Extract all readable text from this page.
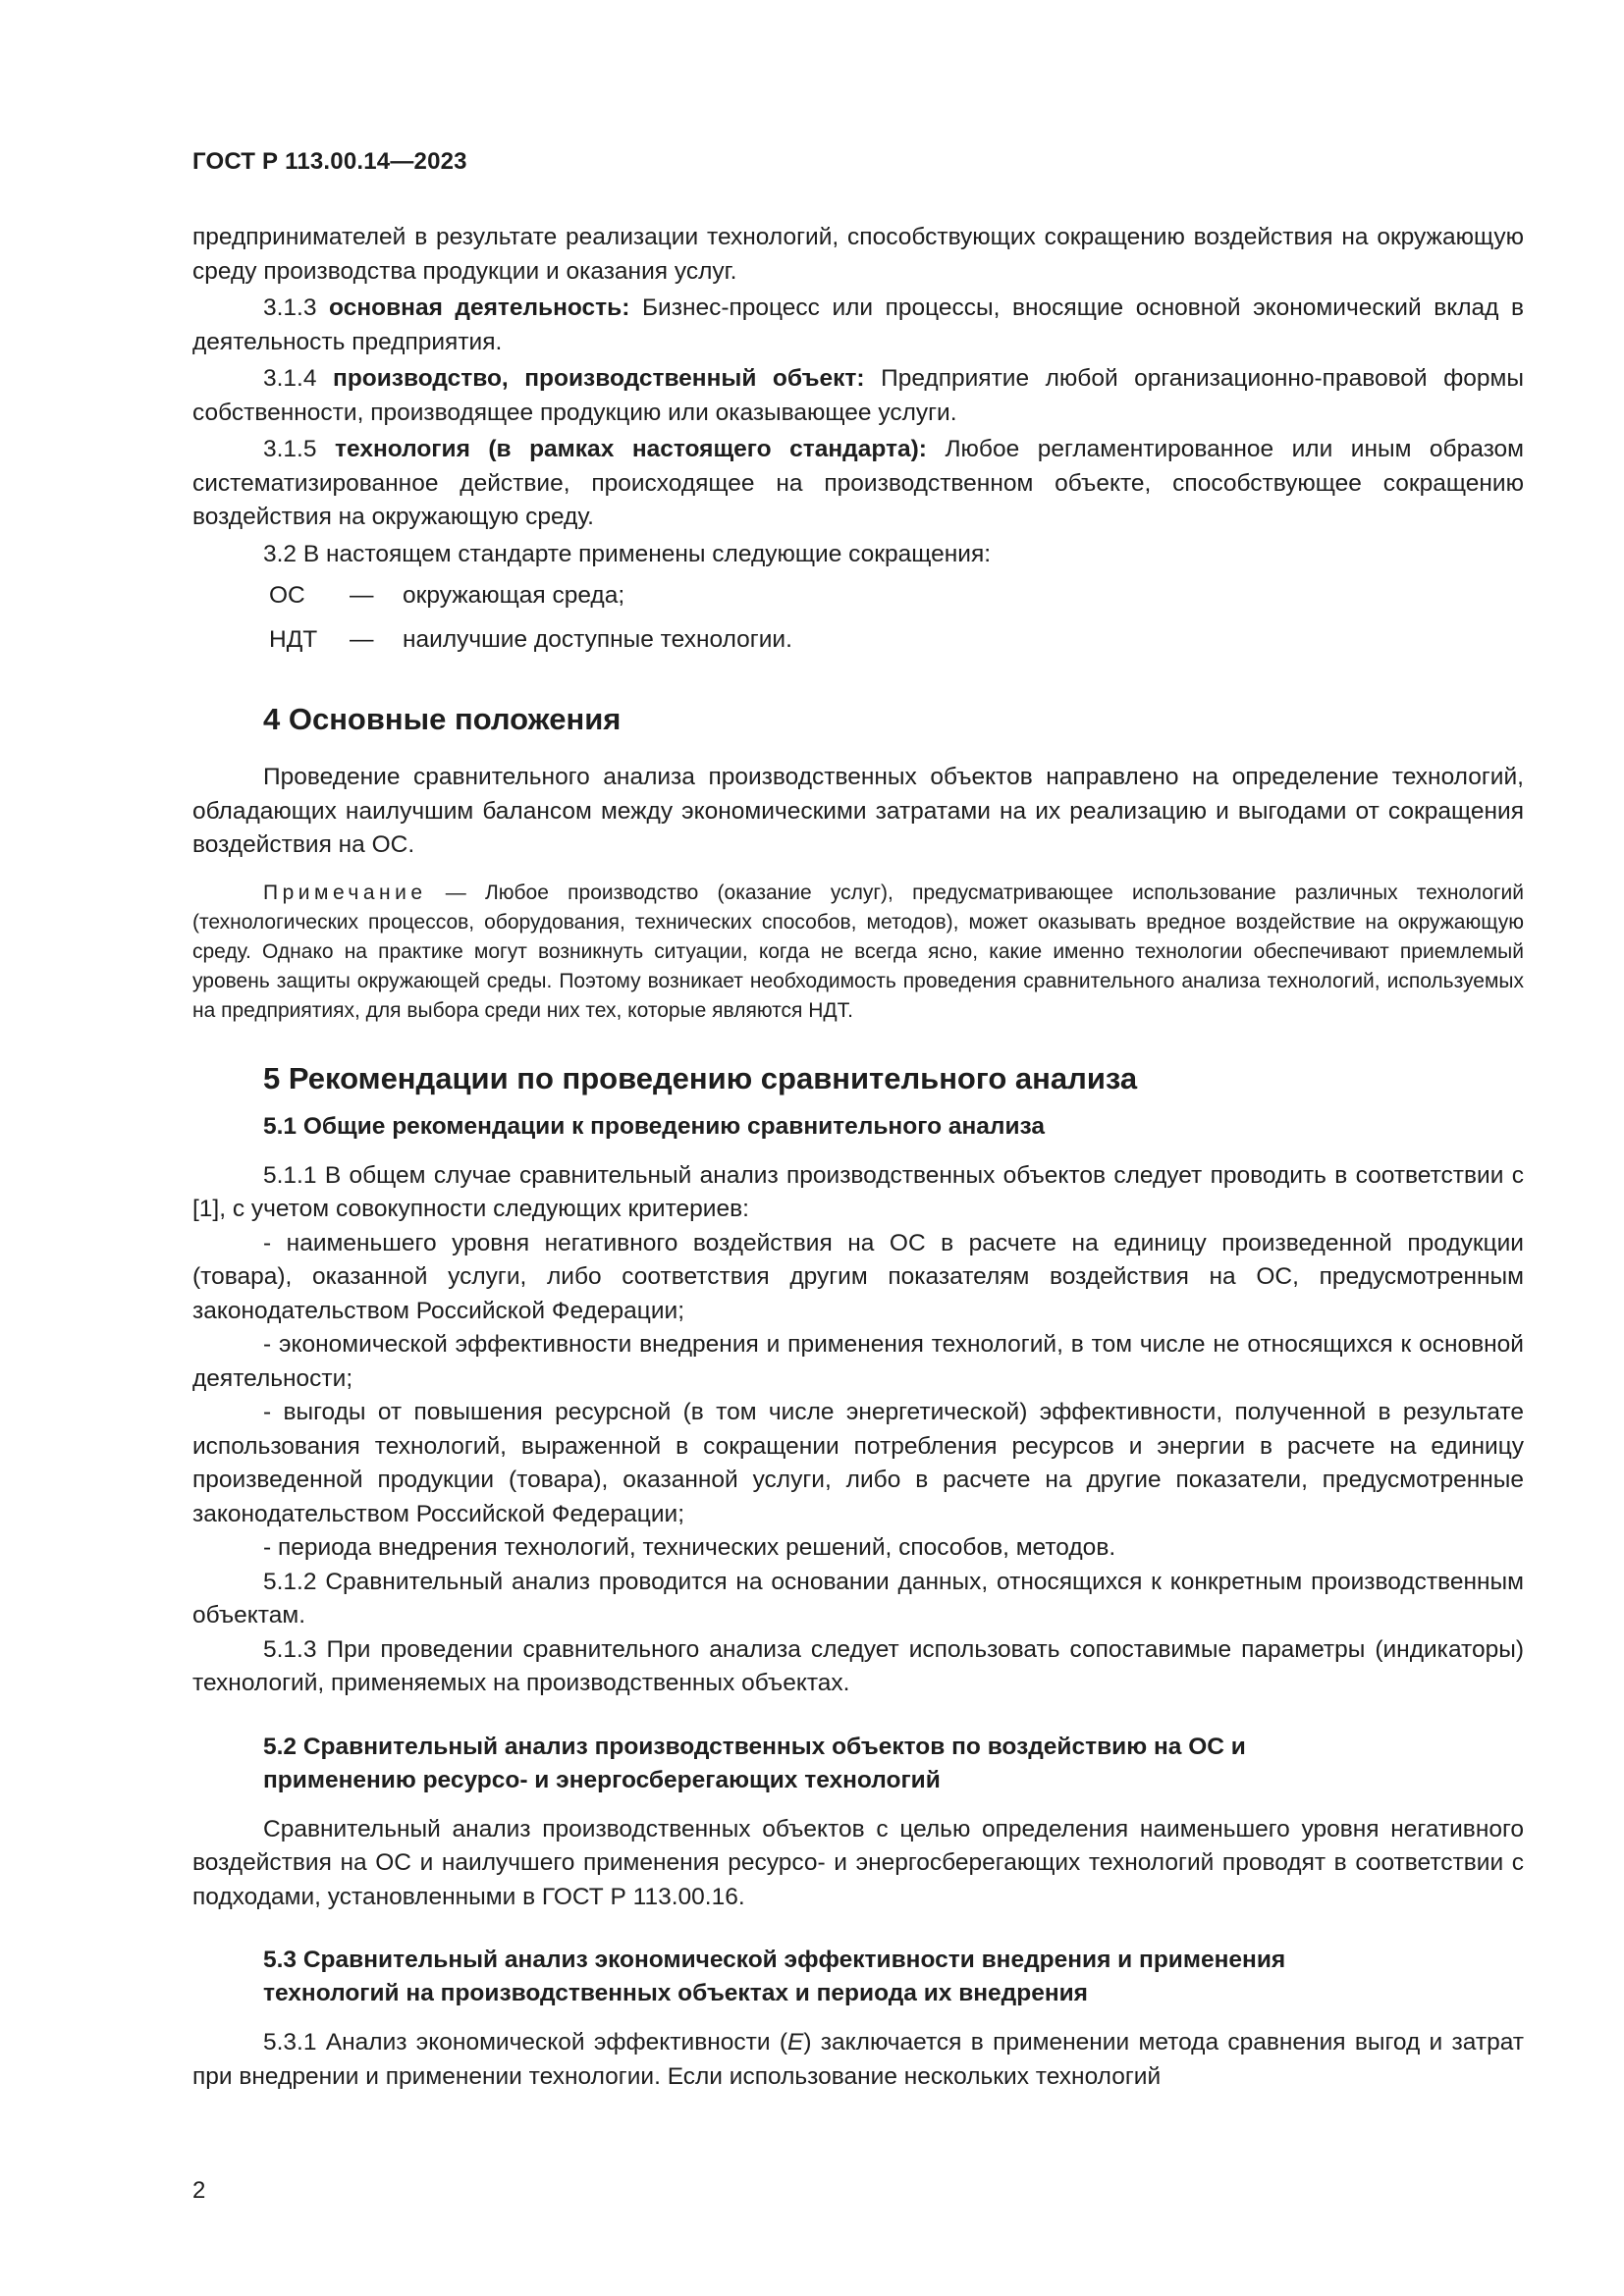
ГОСТ Р 113.00.14—2023

предпринимателей в результате реализации технологий, способствующих сокращению воздействия на окружающую среду производства продукции и оказания услуг.

3.1.3 основная деятельность: Бизнес-процесс или процессы, вносящие основной экономический вклад в деятельность предприятия.

3.1.4 производство, производственный объект: Предприятие любой организационно-правовой формы собственности, производящее продукцию или оказывающее услуги.

3.1.5 технология (в рамках настоящего стандарта): Любое регламентированное или иным образом систематизированное действие, происходящее на производственном объекте, способствующее сокращению воздействия на окружающую среду.

3.2 В настоящем стандарте применены следующие сокращения:

ОС	—	окружающая среда;
НДТ	—	наилучшие доступные технологии.
4 Основные положения

Проведение сравнительного анализа производственных объектов направлено на определение технологий, обладающих наилучшим балансом между экономическими затратами на их реализацию и выгодами от сокращения воздействия на ОС.

Примечание — Любое производство (оказание услуг), предусматривающее использование различных технологий (технологических процессов, оборудования, технических способов, методов), может оказывать вредное воздействие на окружающую среду. Однако на практике могут возникнуть ситуации, когда не всегда ясно, какие именно технологии обеспечивают приемлемый уровень защиты окружающей среды. Поэтому возникает необходимость проведения сравнительного анализа технологий, используемых на предприятиях, для выбора среди них тех, которые являются НДТ.

5 Рекомендации по проведению сравнительного анализа
5.1 Общие рекомендации к проведению сравнительного анализа

5.1.1 В общем случае сравнительный анализ производственных объектов следует проводить в соответствии с [1], с учетом совокупности следующих критериев:

- наименьшего уровня негативного воздействия на ОС в расчете на единицу произведенной продукции (товара), оказанной услуги, либо соответствия другим показателям воздействия на ОС, предусмотренным законодательством Российской Федерации;

- экономической эффективности внедрения и применения технологий, в том числе не относящихся к основной деятельности;

- выгоды от повышения ресурсной (в том числе энергетической) эффективности, полученной в результате использования технологий, выраженной в сокращении потребления ресурсов и энергии в расчете на единицу произведенной продукции (товара), оказанной услуги, либо в расчете на другие показатели, предусмотренные законодательством Российской Федерации;

- периода внедрения технологий, технических решений, способов, методов.

5.1.2 Сравнительный анализ проводится на основании данных, относящихся к конкретным производственным объектам.

5.1.3 При проведении сравнительного анализа следует использовать сопоставимые параметры (индикаторы) технологий, применяемых на производственных объектах.

5.2 Сравнительный анализ производственных объектов по воздействию на ОС и
применению ресурсо- и энергосберегающих технологий

Сравнительный анализ производственных объектов с целью определения наименьшего уровня негативного воздействия на ОС и наилучшего применения ресурсо- и энергосберегающих технологий проводят в соответствии с подходами, установленными в ГОСТ Р 113.00.16.

5.3 Сравнительный анализ экономической эффективности внедрения и применения
технологий на производственных объектах и периода их внедрения

5.3.1 Анализ экономической эффективности (E) заключается в применении метода сравнения выгод и затрат при внедрении и применении технологии. Если использование нескольких технологий

2
